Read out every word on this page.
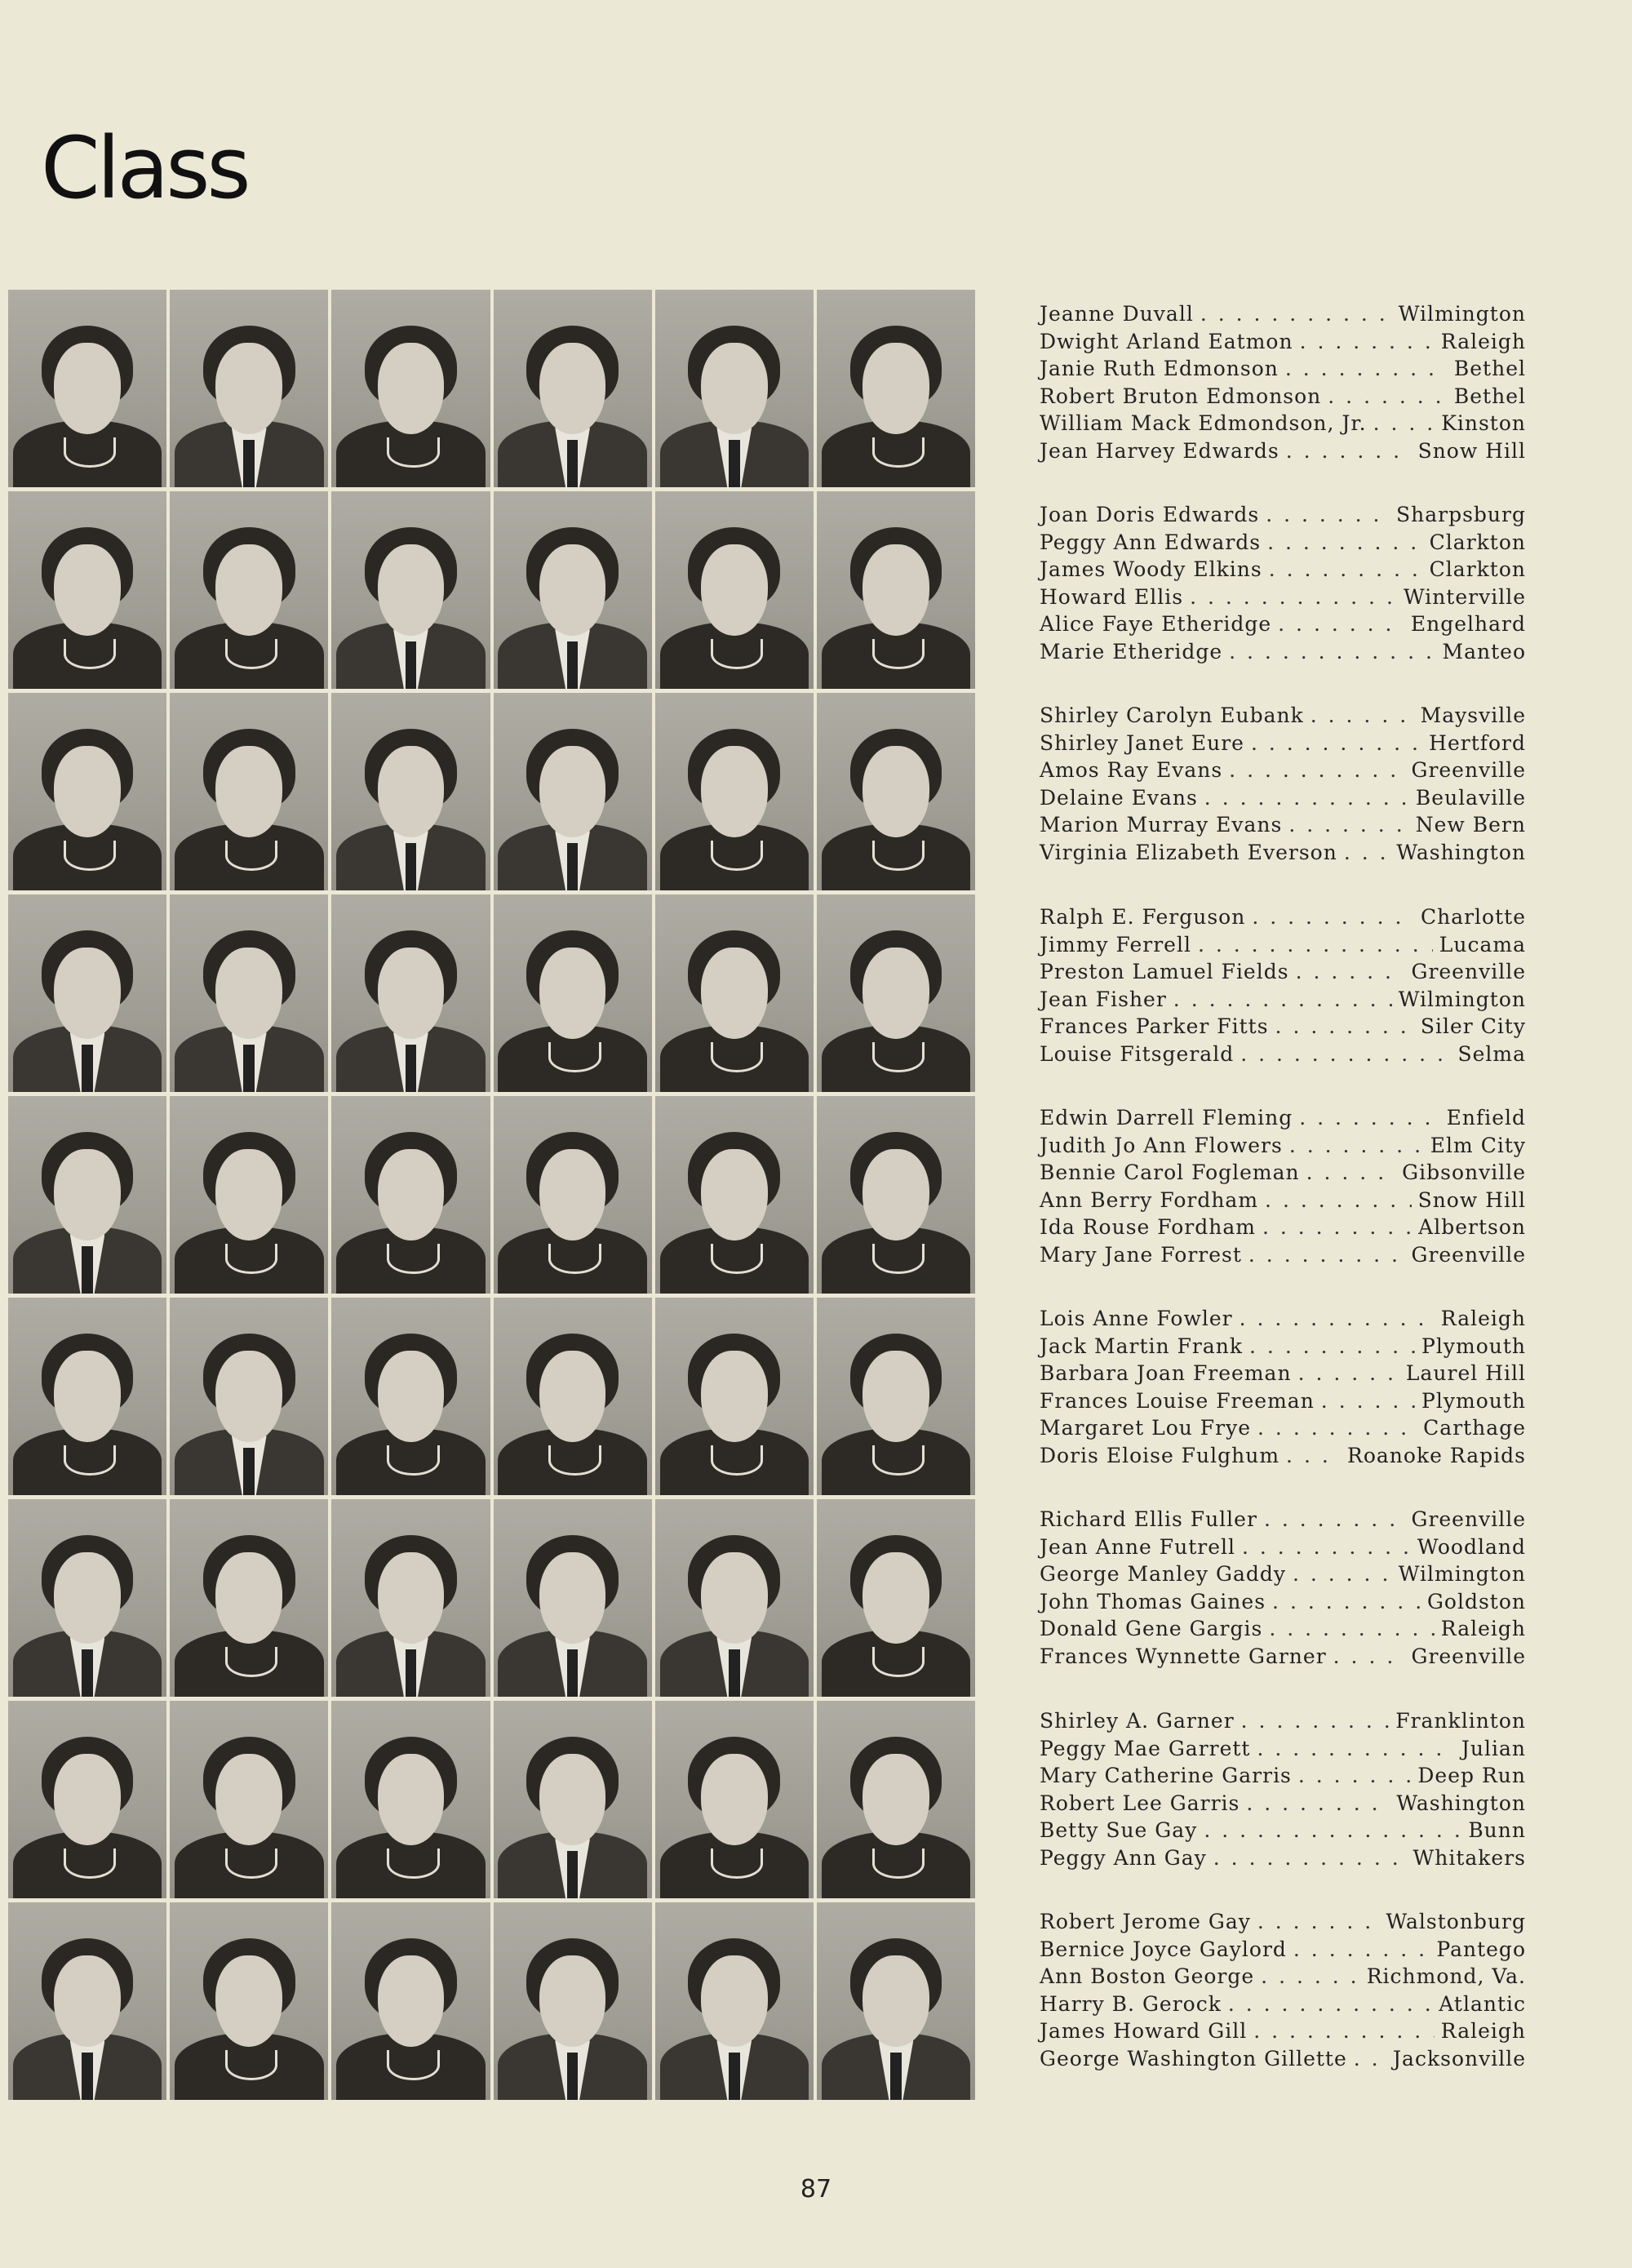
Class
Jeanne Duvall . . .	Wilmington
Dwight Arland Eatmon . . .	Raleigh
Janie Ruth Edmonson . . .	Bethel
Robert Bruton Edmonson . . .	Bethel
William Mack Edmondson, Jr. . . .	Kinston
Jean Harvey Edwards . . .	Snow Hill
Joan Doris Edwards . . .	Sharpsburg
Peggy Ann Edwards . . .	Clarkton
James Woody Elkins . . .	Clarkton
Howard Ellis . . .	Winterville
Alice Faye Etheridge . . .	Engelhard
Marie Etheridge . . .	Manteo
Shirley Carolyn Eubank . . .	Maysville
Shirley Janet Eure . . .	Hertford
Amos Ray Evans . . .	Greenville
Delaine Evans . . .	Beulaville
Marion Murray Evans . . .	New Bern
Virginia Elizabeth Everson . . .	Washington
Ralph E. Ferguson . . .	Charlotte
Jimmy Ferrell . . .	Lucama
Preston Lamuel Fields . . .	Greenville
Jean Fisher . . .	Wilmington
Frances Parker Fitts . . .	Siler City
Louise Fitsgerald . . .	Selma
Edwin Darrell Fleming . . .	Enfield
Judith Jo Ann Flowers . . .	Elm City
Bennie Carol Fogleman . . .	Gibsonville
Ann Berry Fordham . . .	Snow Hill
Ida Rouse Fordham . . .	Albertson
Mary Jane Forrest . . .	Greenville
Lois Anne Fowler . . .	Raleigh
Jack Martin Frank . . .	Plymouth
Barbara Joan Freeman . . .	Laurel Hill
Frances Louise Freeman . . .	Plymouth
Margaret Lou Frye . . .	Carthage
Doris Eloise Fulghum . . .	Roanoke Rapids
Richard Ellis Fuller . . .	Greenville
Jean Anne Futrell . . .	Woodland
George Manley Gaddy . . .	Wilmington
John Thomas Gaines . . .	Goldston
Donald Gene Gargis . . .	Raleigh
Frances Wynnette Garner . . .	Greenville
Shirley A. Garner . . .	Franklinton
Peggy Mae Garrett . . .	Julian
Mary Catherine Garris . . .	Deep Run
Robert Lee Garris . . .	Washington
Betty Sue Gay . . .	Bunn
Peggy Ann Gay . . .	Whitakers
Robert Jerome Gay . . .	Walstonburg
Bernice Joyce Gaylord . . .	Pantego
Ann Boston George . . .	Richmond, Va.
Harry B. Gerock . . .	Atlantic
James Howard Gill . . .	Raleigh
George Washington Gillette . . . Jacksonville
87
